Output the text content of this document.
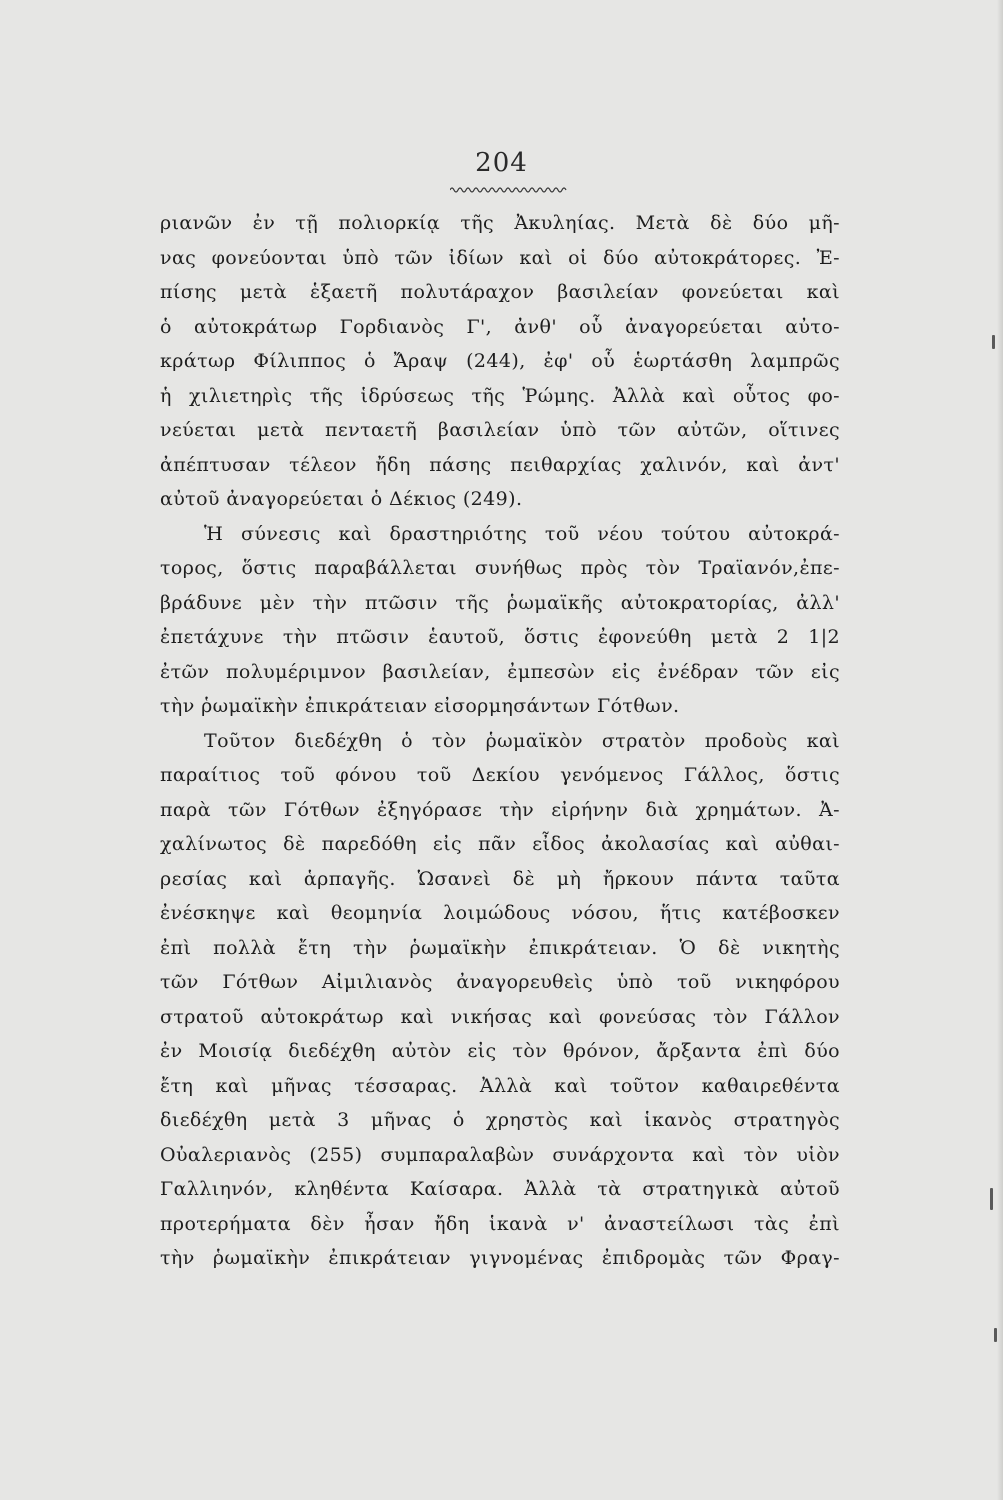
204

ριανῶν ἐν τῇ πολιορκίᾳ τῆς Ἀκυληίας. Μετὰ δὲ δύο μῆ-
νας φονεύονται ὑπὸ τῶν ἰδίων καὶ οἱ δύο αὐτοκράτορες. Ἐ-
πίσης μετὰ ἑξαετῆ πολυτάραχον βασιλείαν φονεύεται καὶ
ὁ αὐτοκράτωρ Γορδιανὸς Γ', ἀνθ' οὗ ἀναγορεύεται αὐτο-
κράτωρ Φίλιππος ὁ Ἄραψ (244), ἐφ' οὗ ἑωρτάσθη λαμπρῶς
ἡ χιλιετηρὶς τῆς ἱδρύσεως τῆς Ῥώμης. Ἀλλὰ καὶ οὗτος φο-
νεύεται μετὰ πενταετῆ βασιλείαν ὑπὸ τῶν αὐτῶν, οἵτινες
ἀπέπτυσαν τέλεον ἤδη πάσης πειθαρχίας χαλινόν, καὶ ἀντ'
αὐτοῦ ἀναγορεύεται ὁ Δέκιος (249).
Ἡ σύνεσις καὶ δραστηριότης τοῦ νέου τούτου αὐτοκρά-
τορος, ὅστις παραβάλλεται συνήθως πρὸς τὸν Τραϊανόν,ἐπε-
βράδυνε μὲν τὴν πτῶσιν τῆς ῥωμαϊκῆς αὐτοκρατορίας, ἀλλ'
ἐπετάχυνε τὴν πτῶσιν ἑαυτοῦ, ὅστις ἐφονεύθη μετὰ 2 1|2
ἐτῶν πολυμέριμνον βασιλείαν, ἐμπεσὼν εἰς ἐνέδραν τῶν εἰς
τὴν ῥωμαϊκὴν ἐπικράτειαν εἰσορμησάντων Γότθων.
Τοῦτον διεδέχθη ὁ τὸν ῥωμαϊκὸν στρατὸν προδοὺς καὶ
παραίτιος τοῦ φόνου τοῦ Δεκίου γενόμενος Γάλλος, ὅστις
παρὰ τῶν Γότθων ἐξηγόρασε τὴν εἰρήνην διὰ χρημάτων. Ἀ-
χαλίνωτος δὲ παρεδόθη εἰς πᾶν εἶδος ἀκολασίας καὶ αὐθαι-
ρεσίας καὶ ἁρπαγῆς. Ὡσανεὶ δὲ μὴ ἤρκουν πάντα ταῦτα
ἐνέσκηψε καὶ θεομηνία λοιμώδους νόσου, ἥτις κατέβοσκεν
ἐπὶ πολλὰ ἔτη τὴν ῥωμαϊκὴν ἐπικράτειαν. Ὁ δὲ νικητὴς
τῶν Γότθων Αἰμιλιανὸς ἀναγορευθεὶς ὑπὸ τοῦ νικηφόρου
στρατοῦ αὐτοκράτωρ καὶ νικήσας καὶ φονεύσας τὸν Γάλλον
ἐν Μοισίᾳ διεδέχθη αὐτὸν εἰς τὸν θρόνον, ἄρξαντα ἐπὶ δύο
ἔτη καὶ μῆνας τέσσαρας. Ἀλλὰ καὶ τοῦτον καθαιρεθέντα
διεδέχθη μετὰ 3 μῆνας ὁ χρηστὸς καὶ ἱκανὸς στρατηγὸς
Οὐαλεριανὸς (255) συμπαραλαβὼν συνάρχοντα καὶ τὸν υἱὸν
Γαλλιηνόν, κληθέντα Καίσαρα. Ἀλλὰ τὰ στρατηγικὰ αὐτοῦ
προτερήματα δὲν ἦσαν ἤδη ἱκανὰ ν' ἀναστείλωσι τὰς ἐπὶ
τὴν ῥωμαϊκὴν ἐπικράτειαν γιγνομένας ἐπιδρομὰς τῶν Φραγ-
